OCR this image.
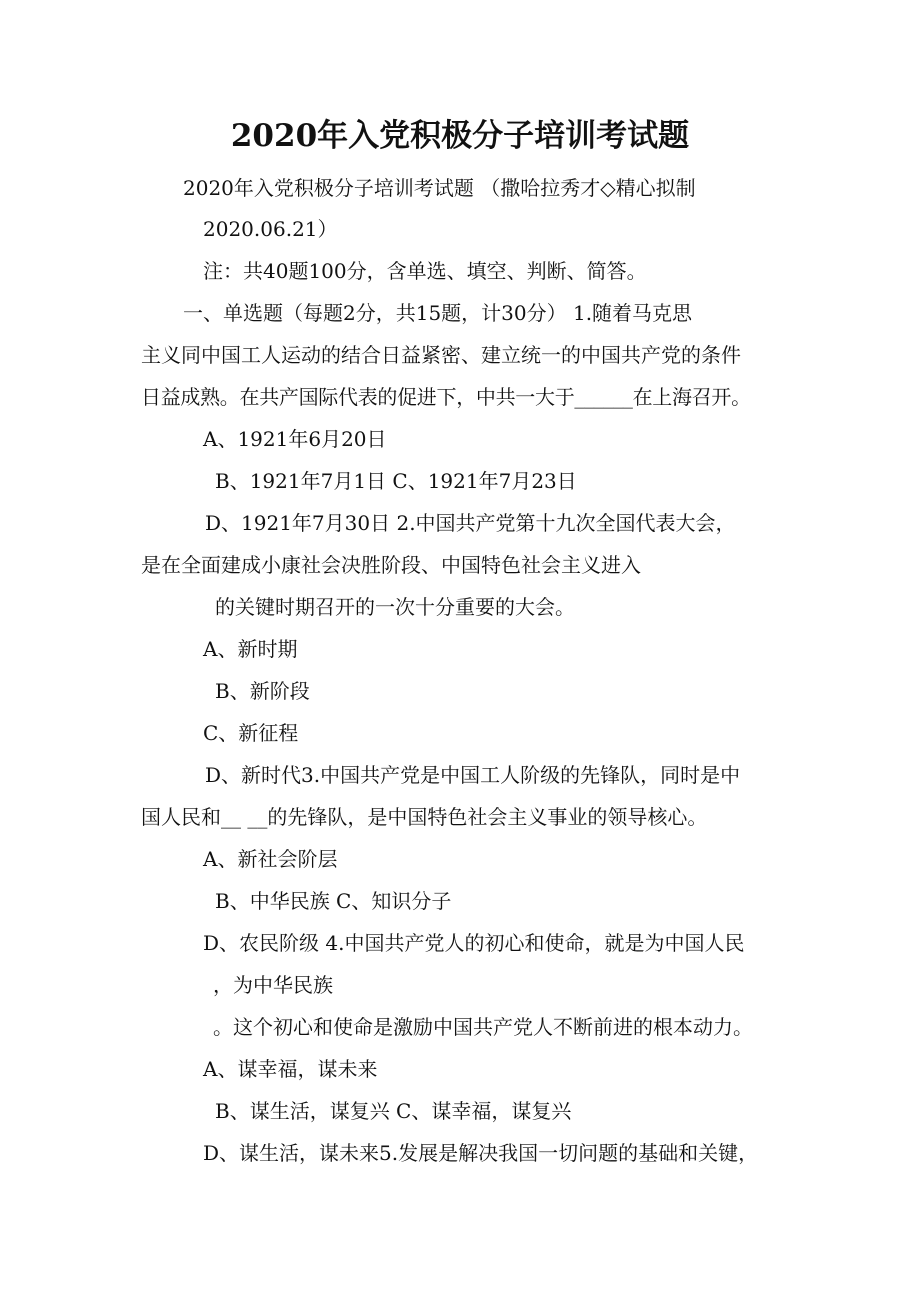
2020年入党积极分子培训考试题
2020年入党积极分子培训考试题 （撒哈拉秀才◇精心拟制
2020.06.21）
注：共40题100分，含单选、填空、判断、简答。
一、单选题（每题2分，共15题，计30分） 1.随着马克思
主义同中国工人运动的结合日益紧密、建立统一的中国共产党的条件
日益成熟。在共产国际代表的促进下，中共一大于______在上海召开。
A、1921年6月20日
B、1921年7月1日 C、1921年7月23日
D、1921年7月30日 2.中国共产党第十九次全国代表大会，
是在全面建成小康社会决胜阶段、中国特色社会主义进入
的关键时期召开的一次十分重要的大会。
A、新时期
B、新阶段
C、新征程
D、新时代3.中国共产党是中国工人阶级的先锋队，同时是中
国人民和__ __的先锋队，是中国特色社会主义事业的领导核心。
A、新社会阶层
B、中华民族 C、知识分子
D、农民阶级 4.中国共产党人的初心和使命，就是为中国人民
，为中华民族
。这个初心和使命是激励中国共产党人不断前进的根本动力。
A、谋幸福，谋未来
B、谋生活，谋复兴 C、谋幸福，谋复兴
D、谋生活，谋未来5.发展是解决我国一切问题的基础和关键，
